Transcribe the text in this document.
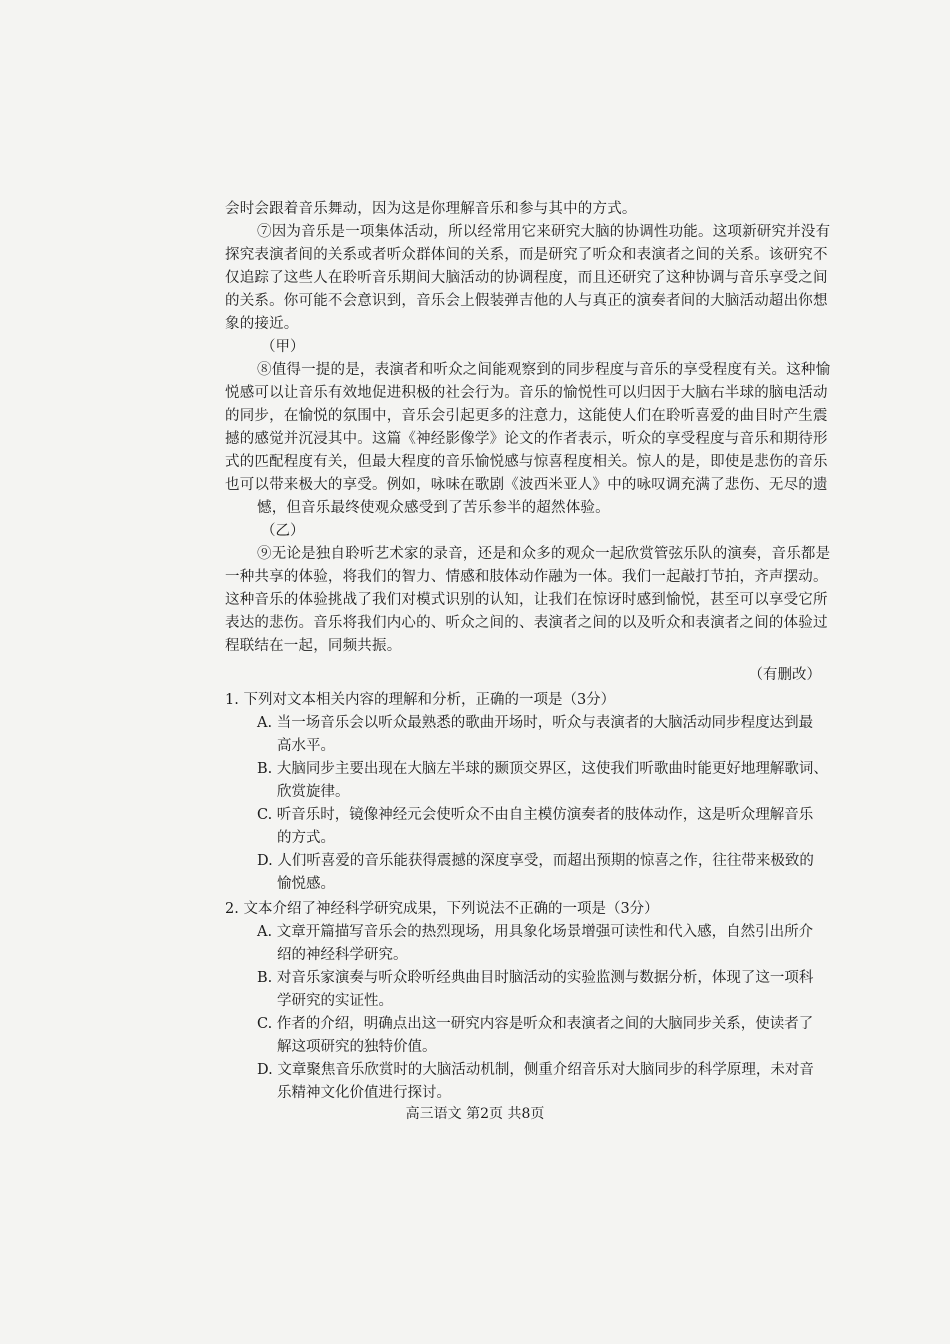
会时会跟着音乐舞动，因为这是你理解音乐和参与其中的方式。
⑦因为音乐是一项集体活动，所以经常用它来研究大脑的协调性功能。这项新研究并没有
探究表演者间的关系或者听众群体间的关系，而是研究了听众和表演者之间的关系。该研究不
仅追踪了这些人在聆听音乐期间大脑活动的协调程度，而且还研究了这种协调与音乐享受之间
的关系。你可能不会意识到，音乐会上假装弹吉他的人与真正的演奏者间的大脑活动超出你想
象的接近。
（甲）
⑧值得一提的是，表演者和听众之间能观察到的同步程度与音乐的享受程度有关。这种愉
悦感可以让音乐有效地促进积极的社会行为。音乐的愉悦性可以归因于大脑右半球的脑电活动
的同步，在愉悦的氛围中，音乐会引起更多的注意力，这能使人们在聆听喜爱的曲目时产生震
撼的感觉并沉浸其中。这篇《神经影像学》论文的作者表示，听众的享受程度与音乐和期待形
式的匹配程度有关，但最大程度的音乐愉悦感与惊喜程度相关。惊人的是，即使是悲伤的音乐
也可以带来极大的享受。例如，咏味在歌剧《波西米亚人》中的咏叹调充满了悲伤、无尽的遗
憾，但音乐最终使观众感受到了苦乐参半的超然体验。
（乙）
⑨无论是独自聆听艺术家的录音，还是和众多的观众一起欣赏管弦乐队的演奏，音乐都是
一种共享的体验，将我们的智力、情感和肢体动作融为一体。我们一起敲打节拍，齐声摆动。
这种音乐的体验挑战了我们对模式识别的认知，让我们在惊讶时感到愉悦，甚至可以享受它所
表达的悲伤。音乐将我们内心的、听众之间的、表演者之间的以及听众和表演者之间的体验过
程联结在一起，同频共振。
（有删改）
1. 下列对文本相关内容的理解和分析，正确的一项是（3分）
A. 当一场音乐会以听众最熟悉的歌曲开场时，听众与表演者的大脑活动同步程度达到最
高水平。
B. 大脑同步主要出现在大脑左半球的颞顶交界区，这使我们听歌曲时能更好地理解歌词、
欣赏旋律。
C. 听音乐时，镜像神经元会使听众不由自主模仿演奏者的肢体动作，这是听众理解音乐
的方式。
D. 人们听喜爱的音乐能获得震撼的深度享受，而超出预期的惊喜之作，往往带来极致的
愉悦感。
2. 文本介绍了神经科学研究成果，下列说法不正确的一项是（3分）
A. 文章开篇描写音乐会的热烈现场，用具象化场景增强可读性和代入感，自然引出所介
绍的神经科学研究。
B. 对音乐家演奏与听众聆听经典曲目时脑活动的实验监测与数据分析，体现了这一项科
学研究的实证性。
C. 作者的介绍，明确点出这一研究内容是听众和表演者之间的大脑同步关系，使读者了
解这项研究的独特价值。
D. 文章聚焦音乐欣赏时的大脑活动机制，侧重介绍音乐对大脑同步的科学原理，未对音
乐精神文化价值进行探讨。
高三语文 第2页 共8页
